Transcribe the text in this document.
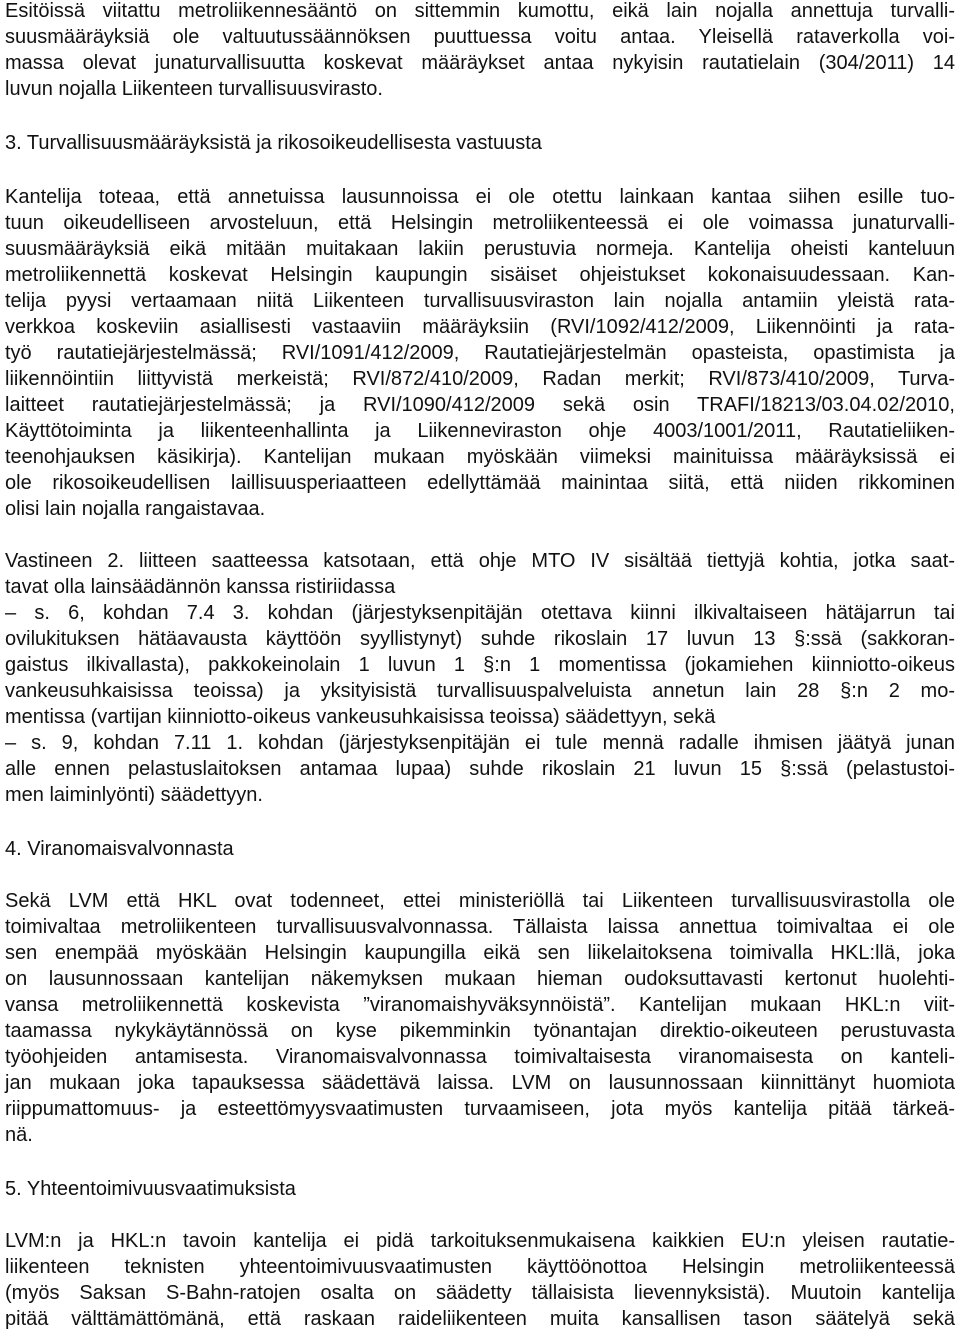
Esitöissä viitattu metroliikennesääntö on sittemmin kumottu, eikä lain nojalla annettuja turvalli-
suusmääräyksiä ole valtuutussäännöksen puuttuessa voitu antaa. Yleisellä rataverkolla voi-
massa olevat junaturvallisuutta koskevat määräykset antaa nykyisin rautatielain (304/2011) 14
luvun nojalla Liikenteen turvallisuusvirasto.
3. Turvallisuusmääräyksistä ja rikosoikeudellisesta vastuusta
Kantelija toteaa, että annetuissa lausunnoissa ei ole otettu lainkaan kantaa siihen esille tuo-
tuun oikeudelliseen arvosteluun, että Helsingin metroliikenteessä ei ole voimassa junaturvalli-
suusmääräyksiä eikä mitään muitakaan lakiin perustuvia normeja. Kantelija oheisti kanteluun
metroliikennettä koskevat Helsingin kaupungin sisäiset ohjeistukset kokonaisuudessaan. Kan-
telija pyysi vertaamaan niitä Liikenteen turvallisuusviraston lain nojalla antamiin yleistä rata-
verkkoa koskeviin asiallisesti vastaaviin määräyksiin (RVI/1092/412/2009, Liikennöinti ja rata-
työ rautatiejärjestelmässä; RVI/1091/412/2009, Rautatiejärjestelmän opasteista, opastimista ja
liikennöintiin liittyvistä merkeistä; RVI/872/410/2009, Radan merkit; RVI/873/410/2009, Turva-
laitteet rautatiejärjestelmässä; ja RVI/1090/412/2009 sekä osin TRAFI/18213/03.04.02/2010,
Käyttötoiminta ja liikenteenhallinta ja Liikenneviraston ohje 4003/1001/2011, Rautatieliiken-
teenohjauksen käsikirja). Kantelijan mukaan myöskään viimeksi mainituissa määräyksissä ei
ole rikosoikeudellisen laillisuusperiaatteen edellyttämää mainintaa siitä, että niiden rikkominen
olisi lain nojalla rangaistavaa.
Vastineen 2. liitteen saatteessa katsotaan, että ohje MTO IV sisältää tiettyjä kohtia, jotka saat-
tavat olla lainsäädännön kanssa ristiriidassa
– s. 6, kohdan 7.4 3. kohdan (järjestyksenpitäjän otettava kiinni ilkivaltaiseen hätäjarrun tai
ovilukituksen hätäavausta käyttöön syyllistynyt) suhde rikoslain 17 luvun 13 §:ssä (sakkoran-
gaistus ilkivallasta), pakkokeinolain 1 luvun 1 §:n 1 momentissa (jokamiehen kiinniotto-oikeus
vankeusuhkaisissa teoissa) ja yksityisistä turvallisuuspalveluista annetun lain 28 §:n 2 mo-
mentissa (vartijan kiinniotto-oikeus vankeusuhkaisissa teoissa) säädettyyn, sekä
– s. 9, kohdan 7.11 1. kohdan (järjestyksenpitäjän ei tule mennä radalle ihmisen jäätyä junan
alle ennen pelastuslaitoksen antamaa lupaa) suhde rikoslain 21 luvun 15 §:ssä (pelastustoi-
men laiminlyönti) säädettyyn.
4. Viranomaisvalvonnasta
Sekä LVM että HKL ovat todenneet, ettei ministeriöllä tai Liikenteen turvallisuusvirastolla ole
toimivaltaa metroliikenteen turvallisuusvalvonnassa. Tällaista laissa annettua toimivaltaa ei ole
sen enempää myöskään Helsingin kaupungilla eikä sen liikelaitoksena toimivalla HKL:llä, joka
on lausunnossaan kantelijan näkemyksen mukaan hieman oudoksuttavasti kertonut huolehti-
vansa metroliikennettä koskevista ”viranomaishyväksynnöistä”. Kantelijan mukaan HKL:n viit-
taamassa nykykäytännössä on kyse pikemminkin työnantajan direktio-oikeuteen perustuvasta
työohjeiden antamisesta. Viranomaisvalvonnassa toimivaltaisesta viranomaisesta on kanteli-
jan mukaan joka tapauksessa säädettävä laissa. LVM on lausunnossaan kiinnittänyt huomiota
riippumattomuus- ja esteettömyysvaatimusten turvaamiseen, jota myös kantelija pitää tärkeä-
nä.
5. Yhteentoimivuusvaatimuksista
LVM:n ja HKL:n tavoin kantelija ei pidä tarkoituksenmukaisena kaikkien EU:n yleisen rautatie-
liikenteen teknisten yhteentoimivuusvaatimusten käyttöönottoa Helsingin metroliikenteessä
(myös Saksan S-Bahn-ratojen osalta on säädetty tällaisista lievennyksistä). Muutoin kantelija
pitää välttämättömänä, että raskaan raideliikenteen muita kansallisen tason säätelyä sekä
